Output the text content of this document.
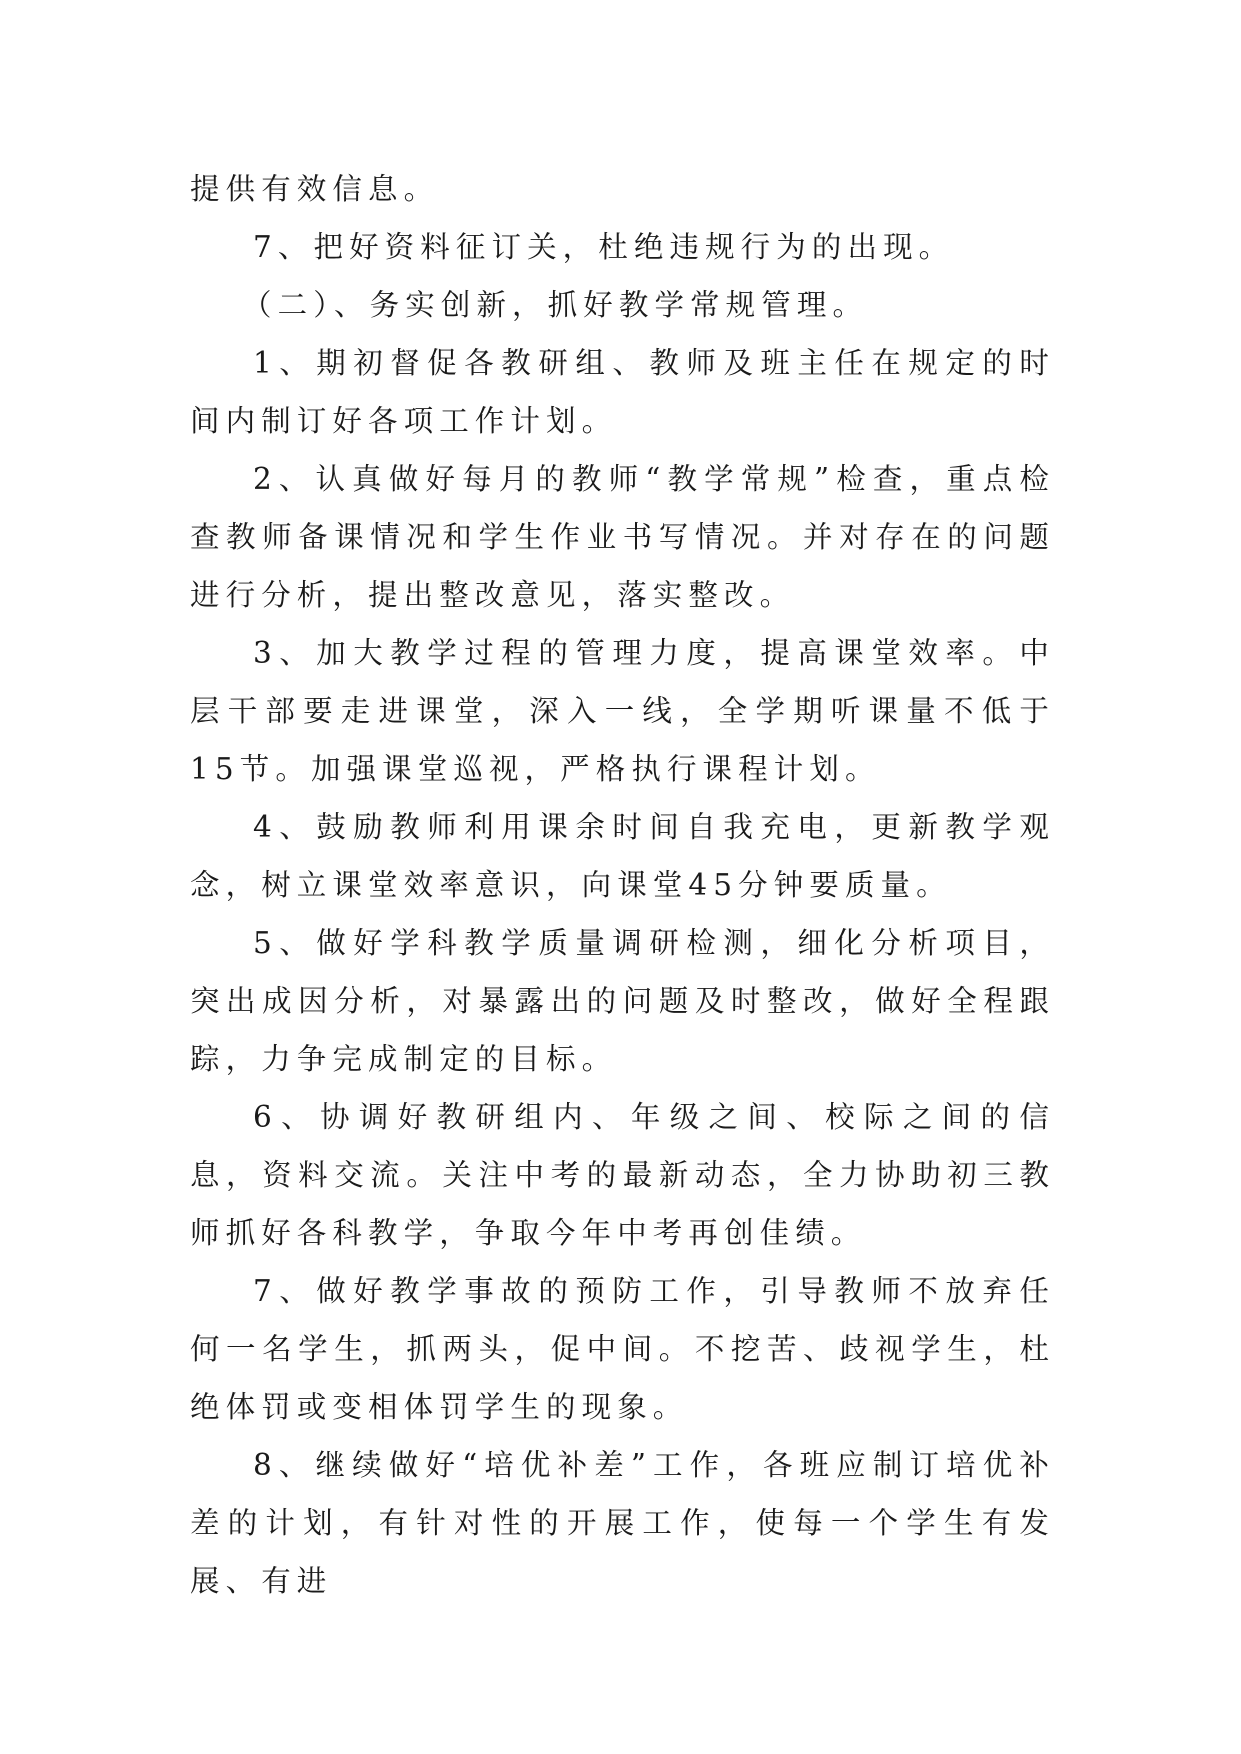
提供有效信息。

7、把好资料征订关，杜绝违规行为的出现。

（二）、务实创新，抓好教学常规管理。

1、期初督促各教研组、教师及班主任在规定的时间内制订好各项工作计划。

2、认真做好每月的教师“教学常规”检查，重点检查教师备课情况和学生作业书写情况。并对存在的问题进行分析，提出整改意见，落实整改。

3、加大教学过程的管理力度，提高课堂效率。中层干部要走进课堂，深入一线，全学期听课量不低于15节。加强课堂巡视，严格执行课程计划。

4、鼓励教师利用课余时间自我充电，更新教学观念，树立课堂效率意识，向课堂45分钟要质量。

5、做好学科教学质量调研检测，细化分析项目，突出成因分析，对暴露出的问题及时整改，做好全程跟踪，力争完成制定的目标。

6、协调好教研组内、年级之间、校际之间的信息，资料交流。关注中考的最新动态，全力协助初三教师抓好各科教学，争取今年中考再创佳绩。

7、做好教学事故的预防工作，引导教师不放弃任何一名学生，抓两头，促中间。不挖苦、歧视学生，杜绝体罚或变相体罚学生的现象。

8、继续做好“培优补差”工作，各班应制订培优补差的计划，有针对性的开展工作，使每一个学生有发展、有进
